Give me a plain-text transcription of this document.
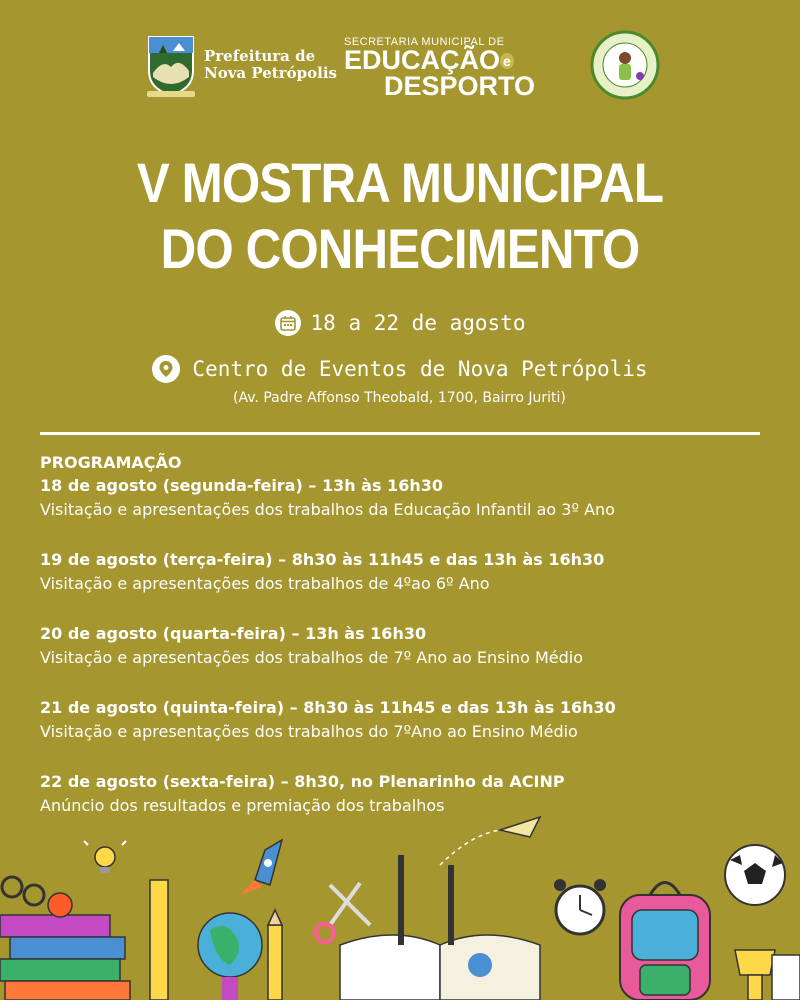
Prefeitura de
Nova Petrópolis
SECRETARIA MUNICIPAL DE
EDUCAÇÃO e
DESPORTO
V MOSTRA MUNICIPAL
DO CONHECIMENTO
18 a 22 de agosto
Centro de Eventos de Nova Petrópolis
(Av. Padre Affonso Theobald, 1700, Bairro Juriti)
PROGRAMAÇÃO
18 de agosto (segunda-feira) – 13h às 16h30
Visitação e apresentações dos trabalhos da Educação Infantil ao 3º Ano
19 de agosto (terça-feira) – 8h30 às 11h45 e das 13h às 16h30
Visitação e apresentações dos trabalhos de 4ºao 6º Ano
20 de agosto (quarta-feira) – 13h às 16h30
Visitação e apresentações dos trabalhos de 7º Ano ao Ensino Médio
21 de agosto (quinta-feira) – 8h30 às 11h45 e das 13h às 16h30
Visitação e apresentações dos trabalhos do 7ºAno ao Ensino Médio
22 de agosto (sexta-feira) – 8h30, no Plenarinho da ACINP
Anúncio dos resultados e premiação dos trabalhos
